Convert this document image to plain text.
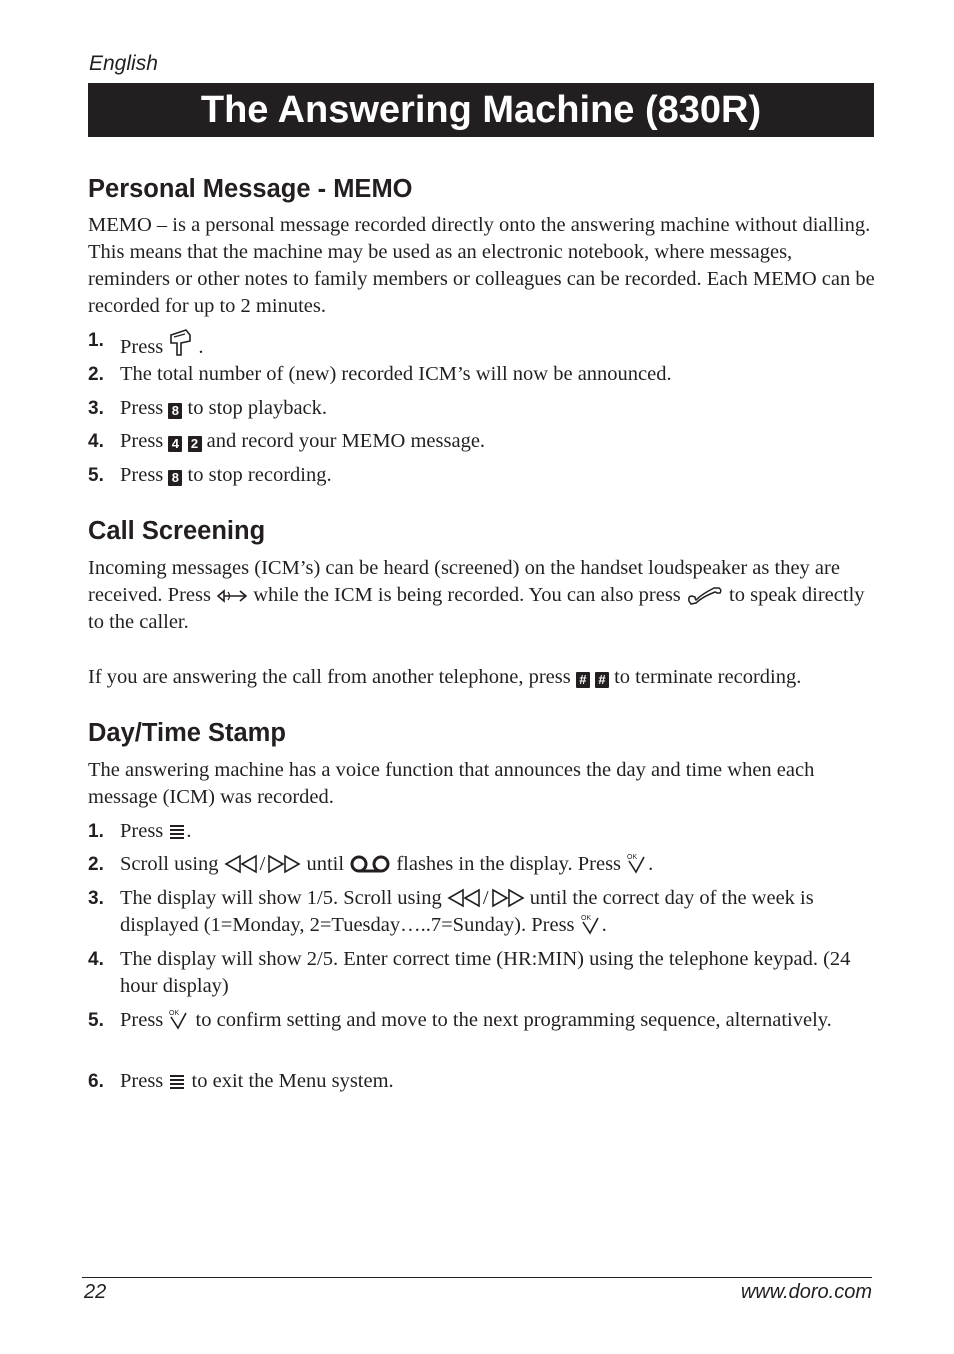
English
The Answering Machine (830R)
Personal Message - MEMO

MEMO – is a personal message recorded directly onto the answering machine without dialling. This means that the machine may be used as an electronic notebook, where messages, reminders or other notes to family members or colleagues can be recorded. Each MEMO can be recorded for up to 2 minutes.

1. Press .
2. The total number of (new) recorded ICM’s will now be announced.
3. Press 8 to stop playback.
4. Press 4 2 and record your MEMO message.
5. Press 8 to stop recording.
Call Screening

Incoming messages (ICM’s) can be heard (screened) on the handset loudspeaker as they are received. Press while the ICM is being recorded. You can also press to speak directly to the caller.

If you are answering the call from another telephone, press # # to terminate recording.

Day/Time Stamp

The answering machine has a voice function that announces the day and time when each message (ICM) was recorded.

1. Press .
2. Scroll using / until	flashes in the display. Press OK .
3. The display will show 1/5. Scroll using / until the correct day of the week is displayed (1=Monday, 2=Tuesday…..7=Sunday). Press OK .
4. The display will show 2/5. Enter correct time (HR:MIN) using the telephone keypad. (24 hour display)
5. Press OK to confirm setting and move to the next programming sequence, alternatively.
6. Press to exit the Menu system.
22	www.doro.com
